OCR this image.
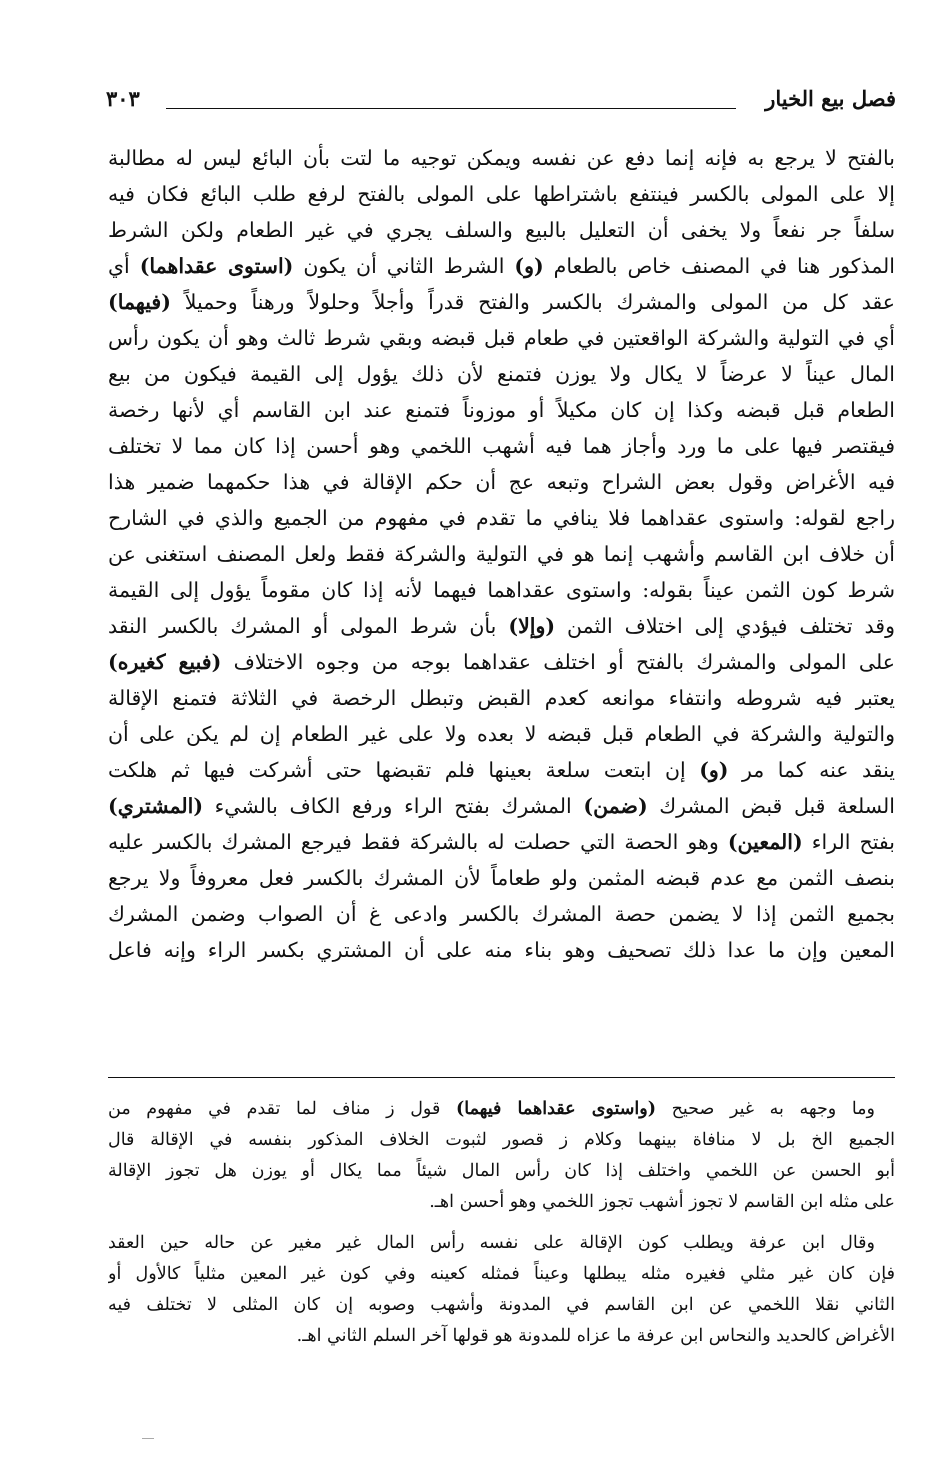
فصل بيع الخيار
٣٠٣
بالفتح لا يرجع به فإنه إنما دفع عن نفسه ويمكن توجيه ما لتت بأن البائع ليس له مطالبة
إلا على المولى بالكسر فينتفع باشتراطها على المولى بالفتح لرفع طلب البائع فكان فيه
سلفاً جر نفعاً ولا يخفى أن التعليل بالبيع والسلف يجري في غير الطعام ولكن الشرط
المذكور هنا في المصنف خاص بالطعام (و) الشرط الثاني أن يكون (استوى عقداهما) أي
عقد كل من المولى والمشرك بالكسر والفتح قدراً وأجلاً وحلولاً ورهناً وحميلاً (فيهما)
أي في التولية والشركة الواقعتين في طعام قبل قبضه وبقي شرط ثالث وهو أن يكون رأس
المال عيناً لا عرضاً لا يكال ولا يوزن فتمنع لأن ذلك يؤول إلى القيمة فيكون من بيع
الطعام قبل قبضه وكذا إن كان مكيلاً أو موزوناً فتمنع عند ابن القاسم أي لأنها رخصة
فيقتصر فيها على ما ورد وأجاز هما فيه أشهب اللخمي وهو أحسن إذا كان مما لا تختلف
فيه الأغراض وقول بعض الشراح وتبعه عج أن حكم الإقالة في هذا حكمهما ضمير هذا
راجع لقوله: واستوى عقداهما فلا ينافي ما تقدم في مفهوم من الجميع والذي في الشارح
أن خلاف ابن القاسم وأشهب إنما هو في التولية والشركة فقط ولعل المصنف استغنى عن
شرط كون الثمن عيناً بقوله: واستوى عقداهما فيهما لأنه إذا كان مقوماً يؤول إلى القيمة
وقد تختلف فيؤدي إلى اختلاف الثمن (وإلا) بأن شرط المولى أو المشرك بالكسر النقد
على المولى والمشرك بالفتح أو اختلف عقداهما بوجه من وجوه الاختلاف (فبيع كغيره)
يعتبر فيه شروطه وانتفاء موانعه كعدم القبض وتبطل الرخصة في الثلاثة فتمنع الإقالة
والتولية والشركة في الطعام قبل قبضه لا بعده ولا على غير الطعام إن لم يكن على أن
ينقد عنه كما مر (و) إن ابتعت سلعة بعينها فلم تقبضها حتى أشركت فيها ثم هلكت
السلعة قبل قبض المشرك (ضمن) المشرك بفتح الراء ورفع الكاف بالشيء (المشتري)
بفتح الراء (المعين) وهو الحصة التي حصلت له بالشركة فقط فيرجع المشرك بالكسر عليه
بنصف الثمن مع عدم قبضه المثمن ولو طعاماً لأن المشرك بالكسر فعل معروفاً ولا يرجع
بجميع الثمن إذا لا يضمن حصة المشرك بالكسر وادعى غ أن الصواب وضمن المشرك
المعين وإن ما عدا ذلك تصحيف وهو بناء منه على أن المشتري بكسر الراء وإنه فاعل
وما وجهه به غير صحيح (واستوى عقداهما فيهما) قول ز مناف لما تقدم في مفهوم من
الجميع الخ بل لا منافاة بينهما وكلام ز قصور لثبوت الخلاف المذكور بنفسه في الإقالة قال
أبو الحسن عن اللخمي واختلف إذا كان رأس المال شيئاً مما يكال أو يوزن هل تجوز الإقالة
على مثله ابن القاسم لا تجوز أشهب تجوز اللخمي وهو أحسن اهـ.
وقال ابن عرفة ويطلب كون الإقالة على نفسه رأس المال غير مغير عن حاله حين العقد
فإن كان غير مثلي فغيره مثله يبطلها وعيناً فمثله كعينه وفي كون غير المعين مثلياً كالأول أو
الثاني نقلا اللخمي عن ابن القاسم في المدونة وأشهب وصوبه إن كان المثلى لا تختلف فيه
الأغراض كالحديد والنحاس ابن عرفة ما عزاه للمدونة هو قولها آخر السلم الثاني اهـ.
